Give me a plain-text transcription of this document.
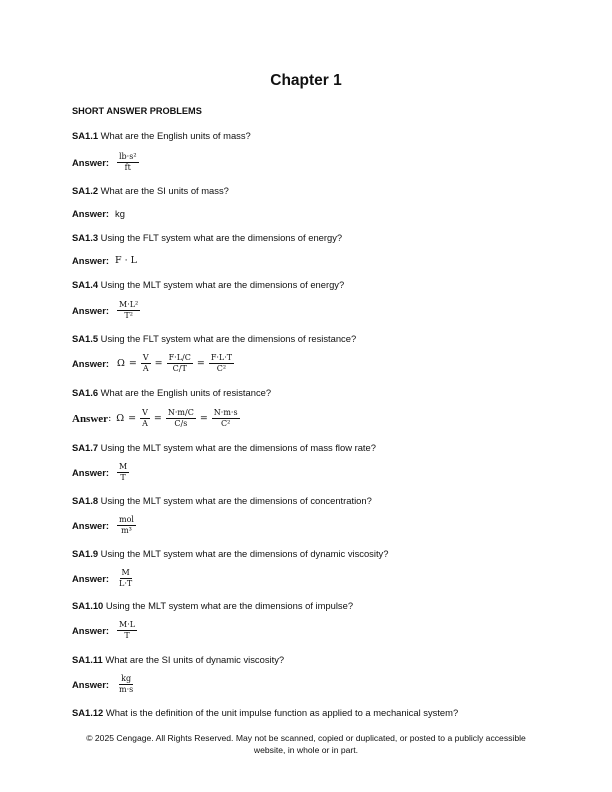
Chapter 1
SHORT ANSWER PROBLEMS
SA1.1 What are the English units of mass?
Answer: $\frac{\text{lb·s²}}{ft}$
SA1.2 What are the SI units of mass?
Answer: kg
SA1.3 Using the FLT system what are the dimensions of energy?
Answer: F · L
SA1.4 Using the MLT system what are the dimensions of energy?
Answer: $\frac{\text{M·L²}}{\text{T²}}$
SA1.5 Using the FLT system what are the dimensions of resistance?
Answer: $\Omega = \frac{V}{A} = \frac{F\cdot L/C}{C/T} = \frac{F\cdot L\cdot T}{\text{C²}}$
SA1.6 What are the English units of resistance?
Answer : $\Omega = \frac{V}{A} = \frac{N\cdot m/C}{C/s} = \frac{N\cdot m\cdot s}{\text{C²}}$
SA1.7 Using the MLT system what are the dimensions of mass flow rate?
Answer: $\frac{M}{T}$
SA1.8 Using the MLT system what are the dimensions of concentration?
Answer: $\frac{\text{mol}}{\text{m³}}$
SA1.9 Using the MLT system what are the dimensions of dynamic viscosity?
Answer: $\frac{M}{L\cdot T}$
SA1.10 Using the MLT system what are the dimensions of impulse?
Answer: $\frac{M\cdot L}{T}$
SA1.11 What are the SI units of dynamic viscosity?
Answer: $\frac{kg}{m\cdot s}$
SA1.12 What is the definition of the unit impulse function as applied to a mechanical system?
© 2025 Cengage. All Rights Reserved. May not be scanned, copied or duplicated, or posted to a publicly accessible
website, in whole or in part.
